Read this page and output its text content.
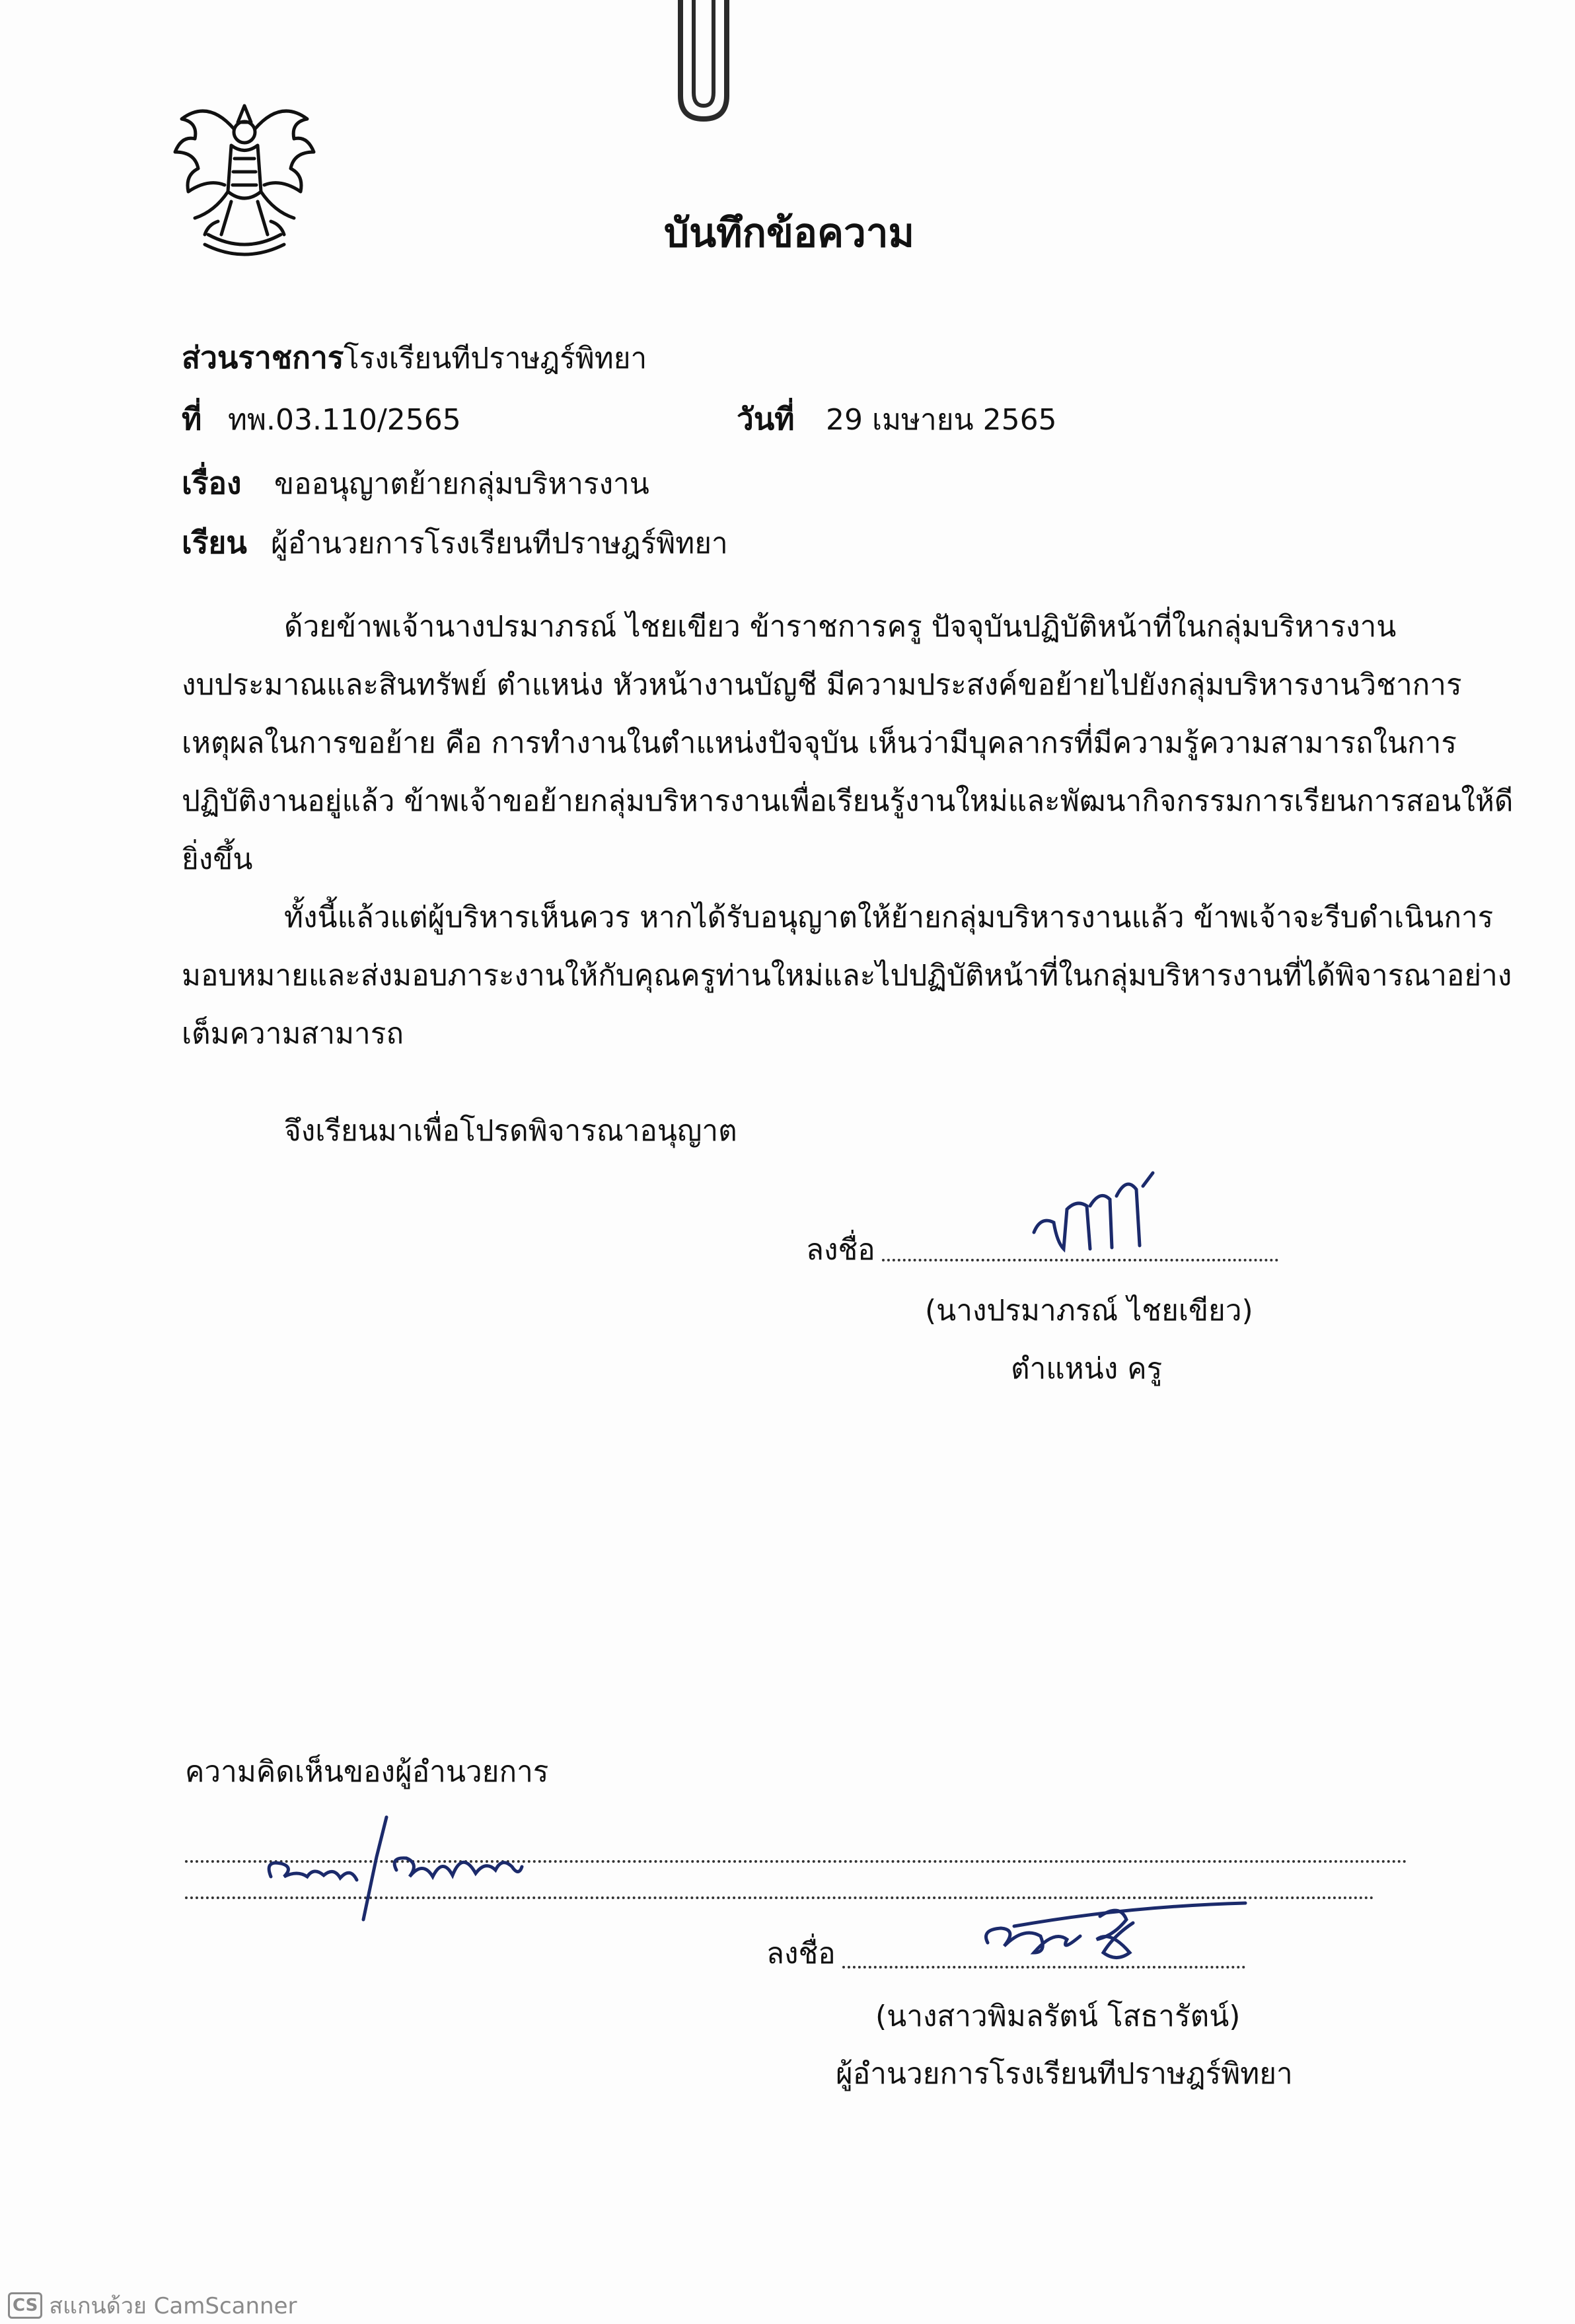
บันทึกข้อความ
ส่วนราชการ โรงเรียนทีปราษฎร์พิทยา
ที่ ทพ.03.110/2565	วันที่ 29 เมษายน 2565
เรื่อง ขออนุญาตย้ายกลุ่มบริหารงาน
เรียน ผู้อำนวยการโรงเรียนทีปราษฎร์พิทยา

ด้วยข้าพเจ้านางปรมาภรณ์ ไชยเขียว ข้าราชการครู ปัจจุบันปฏิบัติหน้าที่ในกลุ่มบริหารงาน

งบประมาณและสินทรัพย์ ตำแหน่ง หัวหน้างานบัญชี มีความประสงค์ขอย้ายไปยังกลุ่มบริหารงานวิชาการ

เหตุผลในการขอย้าย คือ การทำงานในตำแหน่งปัจจุบัน เห็นว่ามีบุคลากรที่มีความรู้ความสามารถในการ

ปฏิบัติงานอยู่แล้ว ข้าพเจ้าขอย้ายกลุ่มบริหารงานเพื่อเรียนรู้งานใหม่และพัฒนากิจกรรมการเรียนการสอนให้ดี

ยิ่งขึ้น

ทั้งนี้แล้วแต่ผู้บริหารเห็นควร หากได้รับอนุญาตให้ย้ายกลุ่มบริหารงานแล้ว ข้าพเจ้าจะรีบดำเนินการ

มอบหมายและส่งมอบภาระงานให้กับคุณครูท่านใหม่และไปปฏิบัติหน้าที่ในกลุ่มบริหารงานที่ได้พิจารณาอย่าง

เต็มความสามารถ

จึงเรียนมาเพื่อโปรดพิจารณาอนุญาต
ลงชื่อ
(นางปรมาภรณ์ ไชยเขียว)
ตำแหน่ง ครู
ความคิดเห็นของผู้อำนวยการ
ลงชื่อ
(นางสาวพิมลรัตน์ โสธารัตน์)
ผู้อำนวยการโรงเรียนทีปราษฎร์พิทยา
CS สแกนด้วย CamScanner
